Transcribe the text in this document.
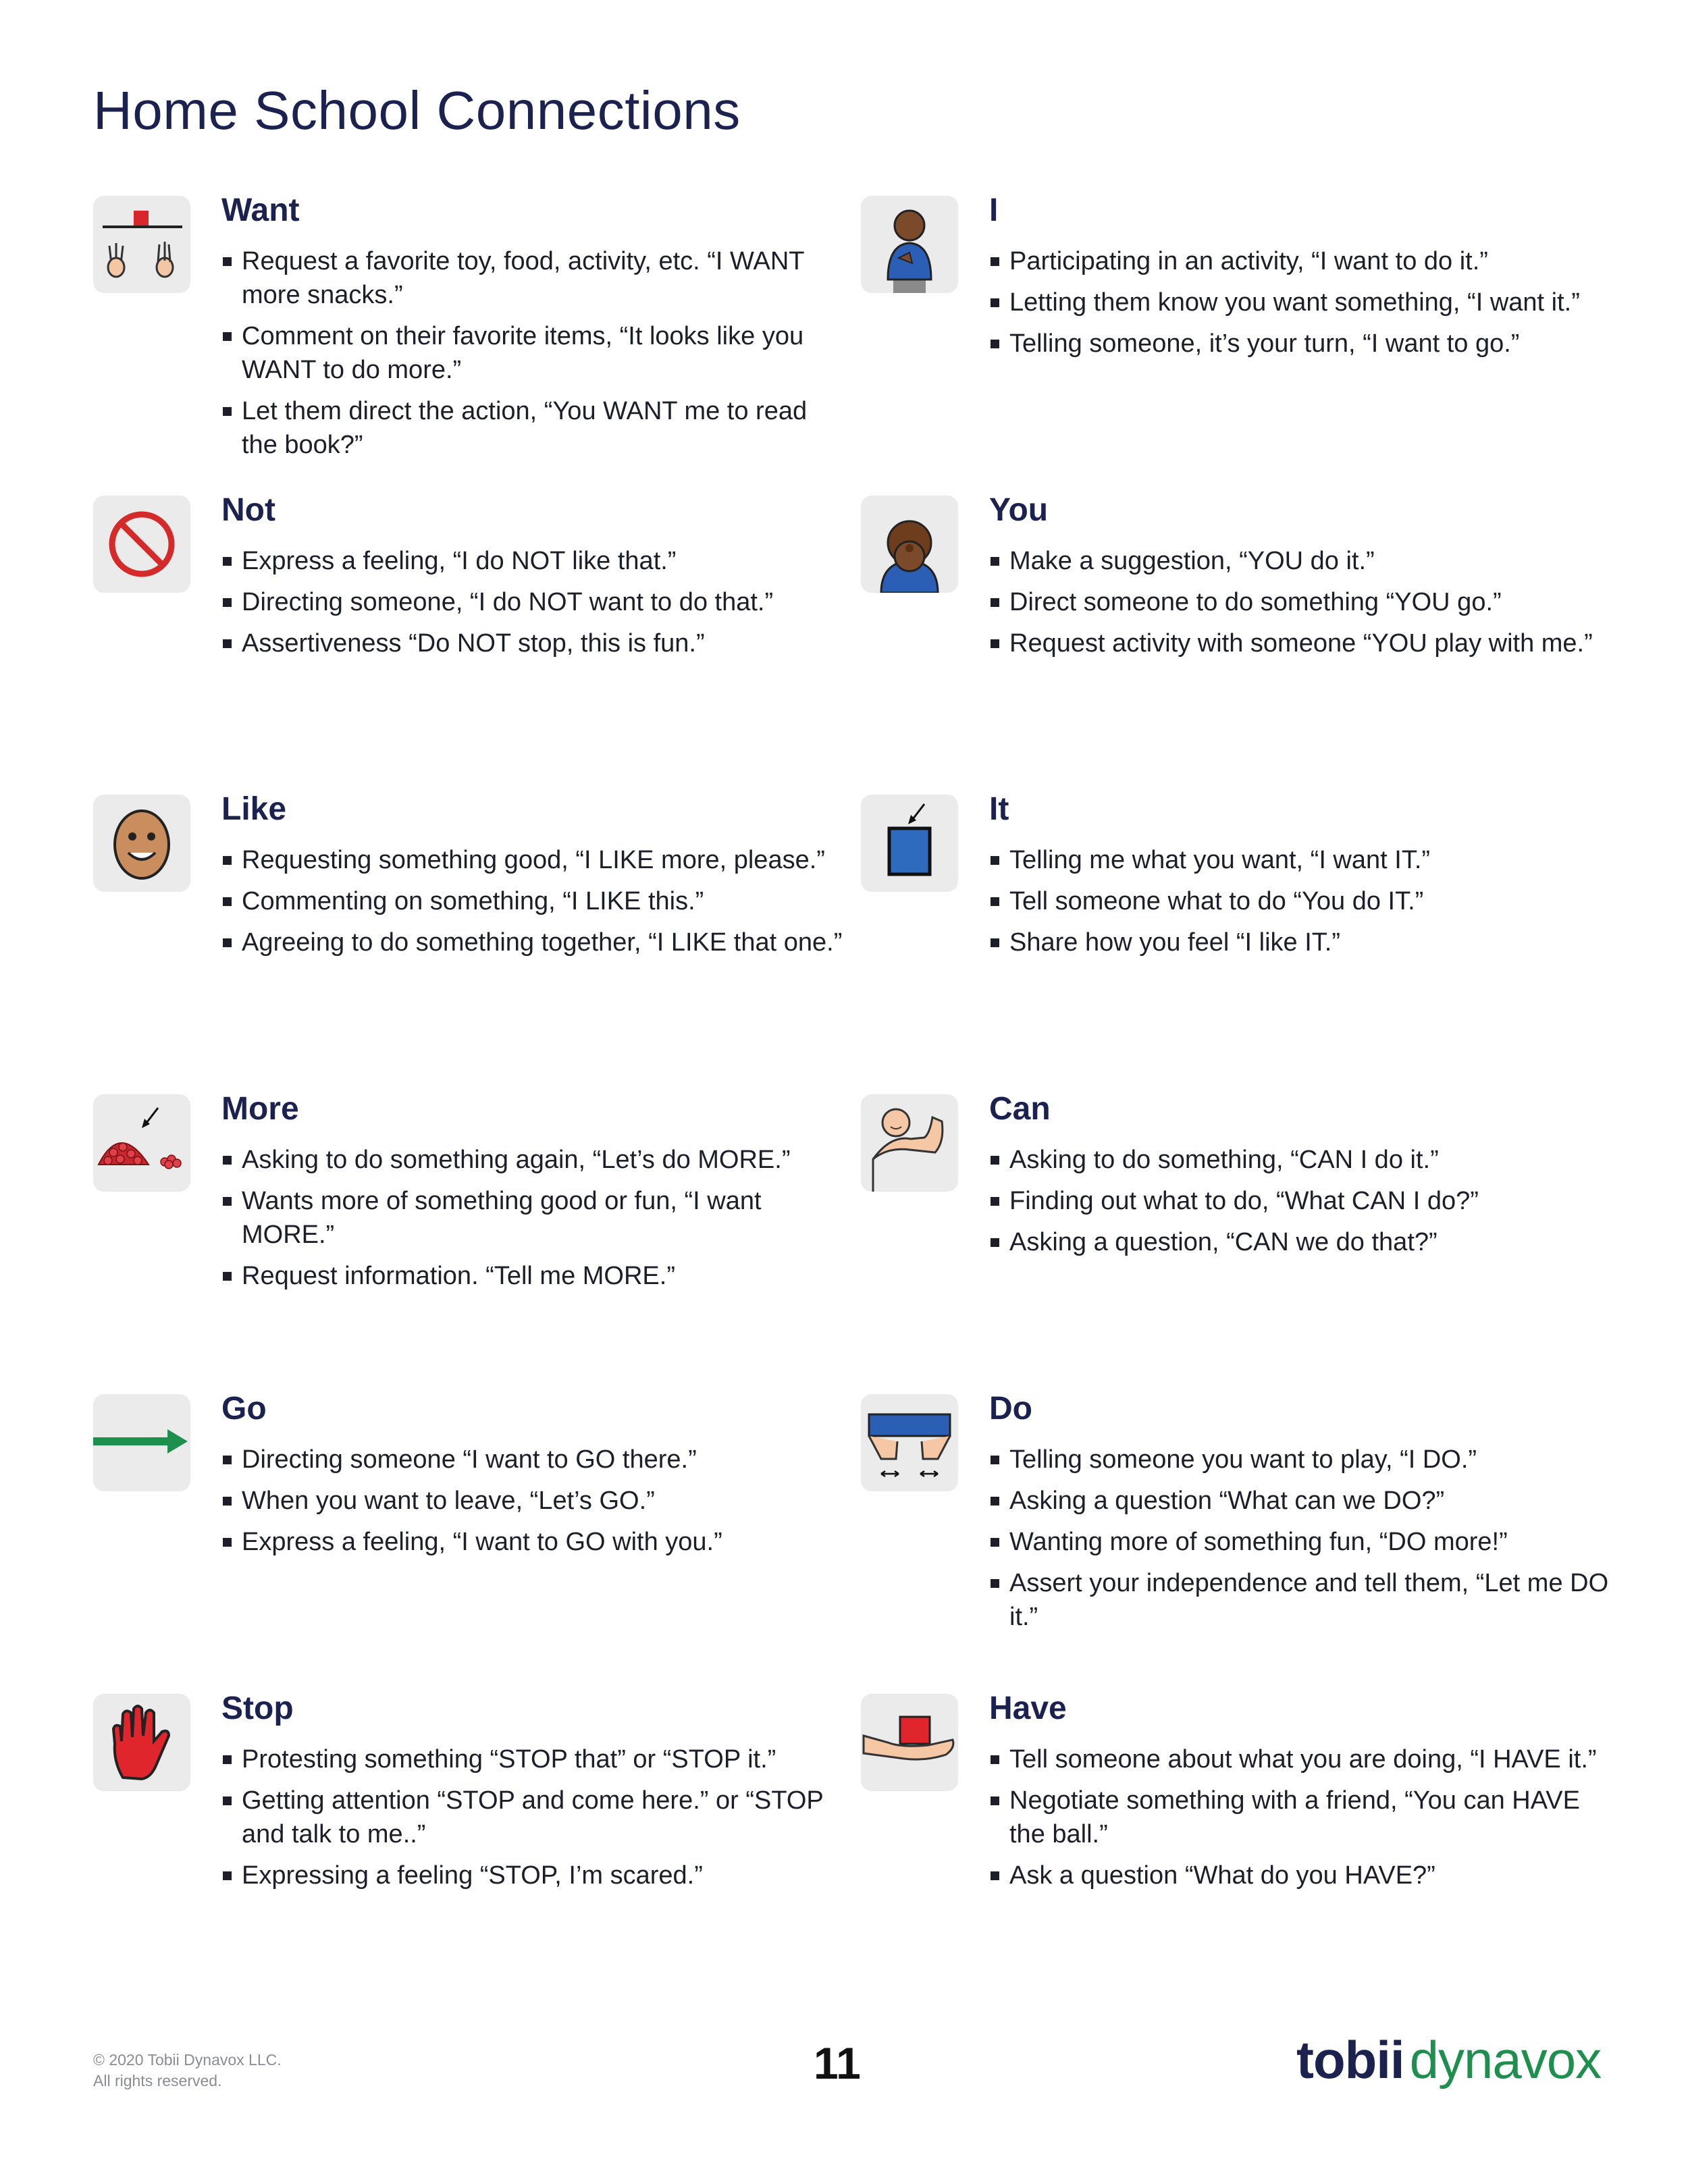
Home School Connections
Want
Request a favorite toy, food, activity, etc. “I WANT more snacks.”
Comment on their favorite items, “It looks like you WANT to do more.”
Let them direct the action, “You WANT me to read the book?”
I
Participating in an activity, “I want to do it.”
Letting them know you want something, “I want it.”
Telling someone, it’s your turn, “I want to go.”
Not
Express a feeling, “I do NOT like that.”
Directing someone, “I do NOT want to do that.”
Assertiveness “Do NOT stop, this is fun.”
You
Make a suggestion, “YOU do it.”
Direct someone to do something “YOU go.”
Request activity with someone “YOU play with me.”
Like
Requesting something good, “I LIKE more, please.”
Commenting on something, “I LIKE this.”
Agreeing to do something together, “I LIKE that one.”
It
Telling me what you want, “I want IT.”
Tell someone what to do “You do IT.”
Share how you feel “I like IT.”
More
Asking to do something again, “Let’s do MORE.”
Wants more of something good or fun, “I want MORE.”
Request information. “Tell me MORE.”
Can
Asking to do something, “CAN I do it.”
Finding out what to do, “What CAN I do?”
Asking a question, “CAN we do that?”
Go
Directing someone “I want to GO there.”
When you want to leave, “Let’s GO.”
Express a feeling, “I want to GO with you.”
Do
Telling someone you want to play, “I DO.”
Asking a question “What can we DO?”
Wanting more of something fun, “DO more!”
Assert your independence and tell them, “Let me DO it.”
Stop
Protesting something “STOP that” or “STOP it.”
Getting attention “STOP and come here.” or “STOP and talk to me..”
Expressing a feeling “STOP, I’m scared.”
Have
Tell someone about what you are doing, “I HAVE it.”
Negotiate something with a friend, “You can HAVE the ball.”
Ask a question “What do you HAVE?”
© 2020 Tobii Dynavox LLC.
All rights reserved.	11	tobii dynavox
